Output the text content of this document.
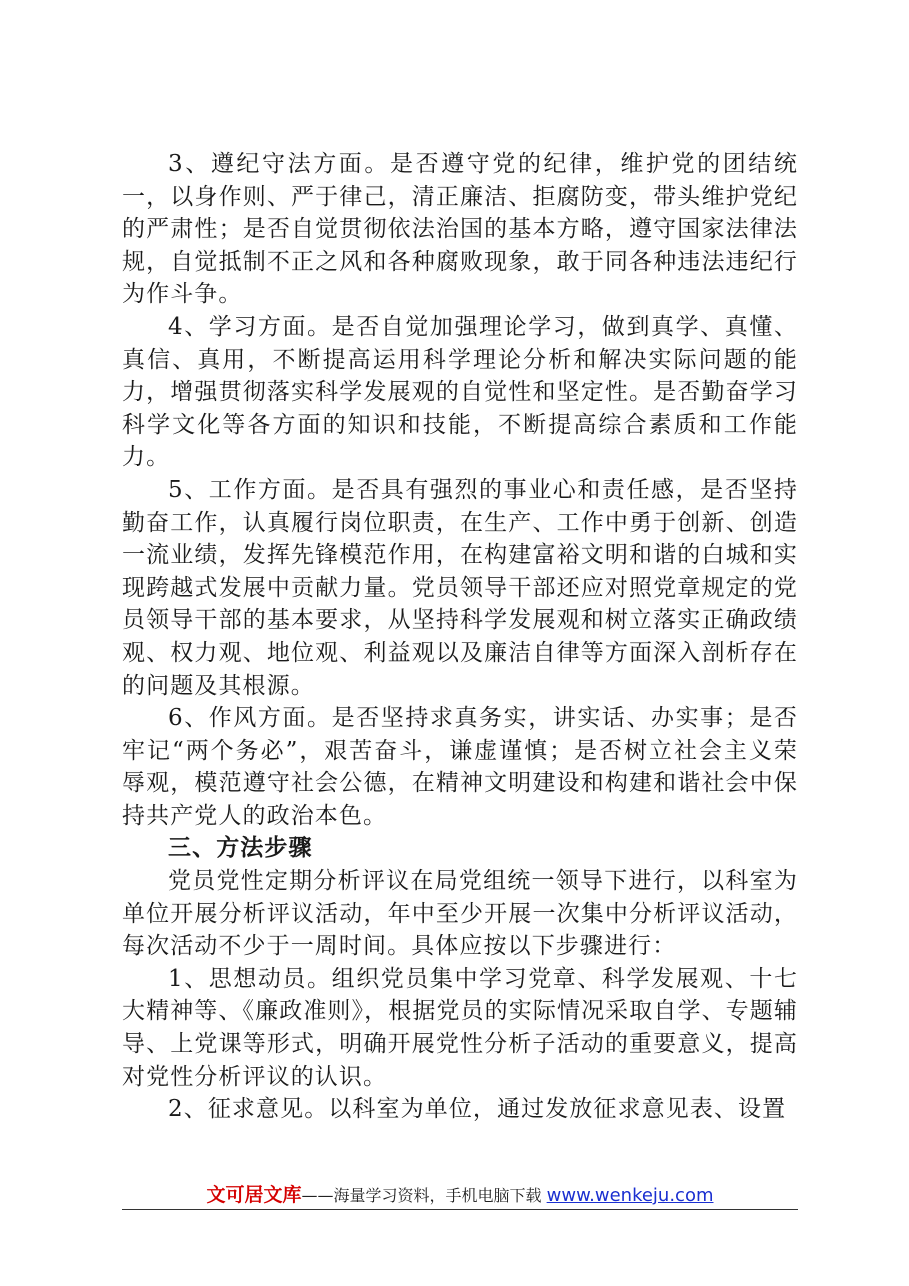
3、遵纪守法方面。是否遵守党的纪律，维护党的团结统一，以身作则、严于律己，清正廉洁、拒腐防变，带头维护党纪的严肃性；是否自觉贯彻依法治国的基本方略，遵守国家法律法规，自觉抵制不正之风和各种腐败现象，敢于同各种违法违纪行为作斗争。

4、学习方面。是否自觉加强理论学习，做到真学、真懂、真信、真用，不断提高运用科学理论分析和解决实际问题的能力，增强贯彻落实科学发展观的自觉性和坚定性。是否勤奋学习科学文化等各方面的知识和技能，不断提高综合素质和工作能力。

5、工作方面。是否具有强烈的事业心和责任感，是否坚持勤奋工作，认真履行岗位职责，在生产、工作中勇于创新、创造一流业绩，发挥先锋模范作用，在构建富裕文明和谐的白城和实现跨越式发展中贡献力量。党员领导干部还应对照党章规定的党员领导干部的基本要求，从坚持科学发展观和树立落实正确政绩观、权力观、地位观、利益观以及廉洁自律等方面深入剖析存在的问题及其根源。

6、作风方面。是否坚持求真务实，讲实话、办实事；是否牢记“两个务必”，艰苦奋斗，谦虚谨慎；是否树立社会主义荣辱观，模范遵守社会公德，在精神文明建设和构建和谐社会中保持共产党人的政治本色。

三、方法步骤

党员党性定期分析评议在局党组统一领导下进行，以科室为单位开展分析评议活动，年中至少开展一次集中分析评议活动，每次活动不少于一周时间。具体应按以下步骤进行：

1、思想动员。组织党员集中学习党章、科学发展观、十七大精神等、《廉政准则》，根据党员的实际情况采取自学、专题辅导、上党课等形式，明确开展党性分析子活动的重要意义，提高对党性分析评议的认识。

2、征求意见。以科室为单位，通过发放征求意见表、设置

文可居文库——海量学习资料，手机电脑下载 www.wenkeju.com
